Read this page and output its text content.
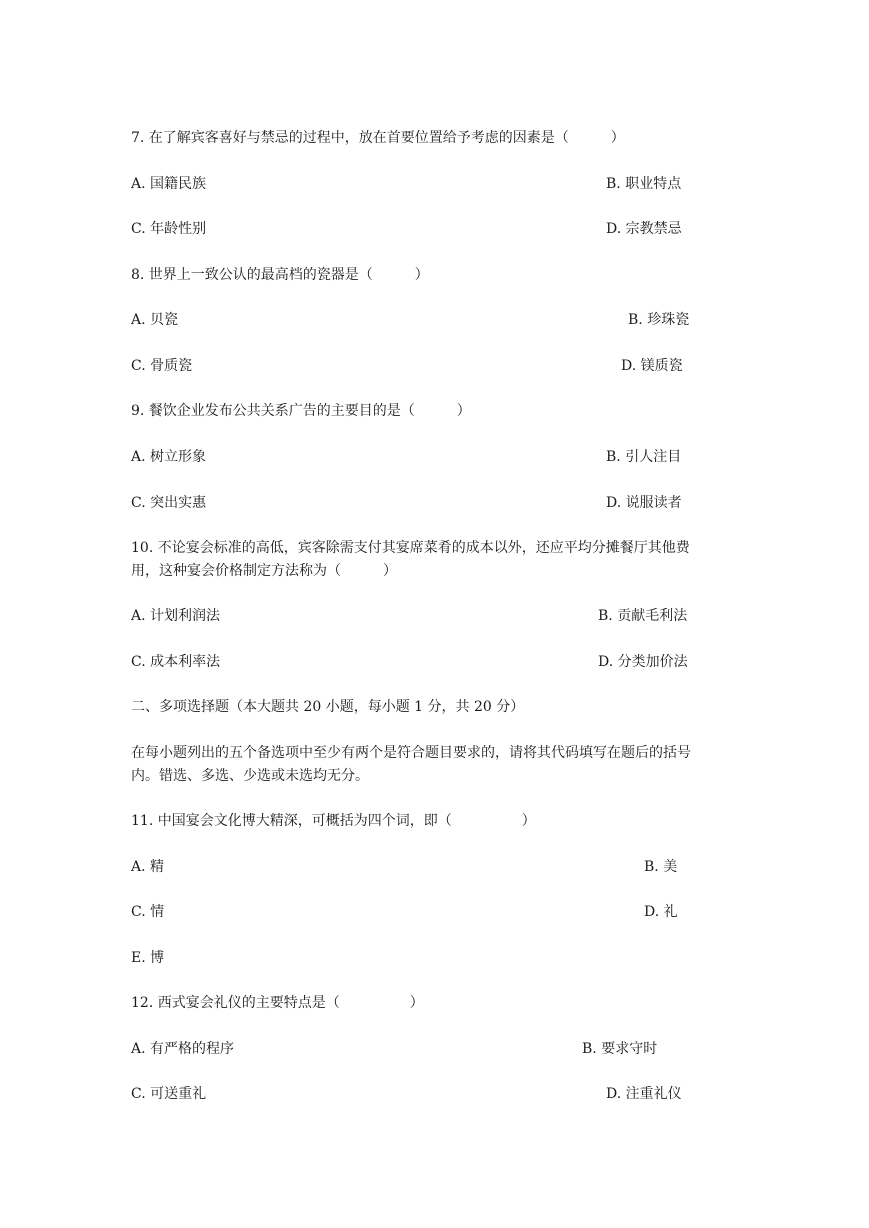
7. 在了解宾客喜好与禁忌的过程中，放在首要位置给予考虑的因素是（　　　）
A. 国籍民族	B. 职业特点
C. 年龄性别	D. 宗教禁忌
8. 世界上一致公认的最高档的瓷器是（　　　）
A. 贝瓷	B. 珍珠瓷
C. 骨质瓷	D. 镁质瓷
9. 餐饮企业发布公共关系广告的主要目的是（　　　）
A. 树立形象	B. 引人注目
C. 突出实惠	D. 说服读者
10. 不论宴会标准的高低，宾客除需支付其宴席菜肴的成本以外，还应平均分摊餐厅其他费
用，这种宴会价格制定方法称为（　　　）
A. 计划利润法	B. 贡献毛利法
C. 成本利率法	D. 分类加价法
二、多项选择题（本大题共 20 小题，每小题 1 分，共 20 分）
在每小题列出的五个备选项中至少有两个是符合题目要求的，请将其代码填写在题后的括号
内。错选、多选、少选或未选均无分。
11. 中国宴会文化博大精深，可概括为四个词，即（　　　　　）
A. 精	B. 美
C. 情	D. 礼
E. 博
12. 西式宴会礼仪的主要特点是（　　　　　）
A. 有严格的程序	B. 要求守时
C. 可送重礼	D. 注重礼仪
